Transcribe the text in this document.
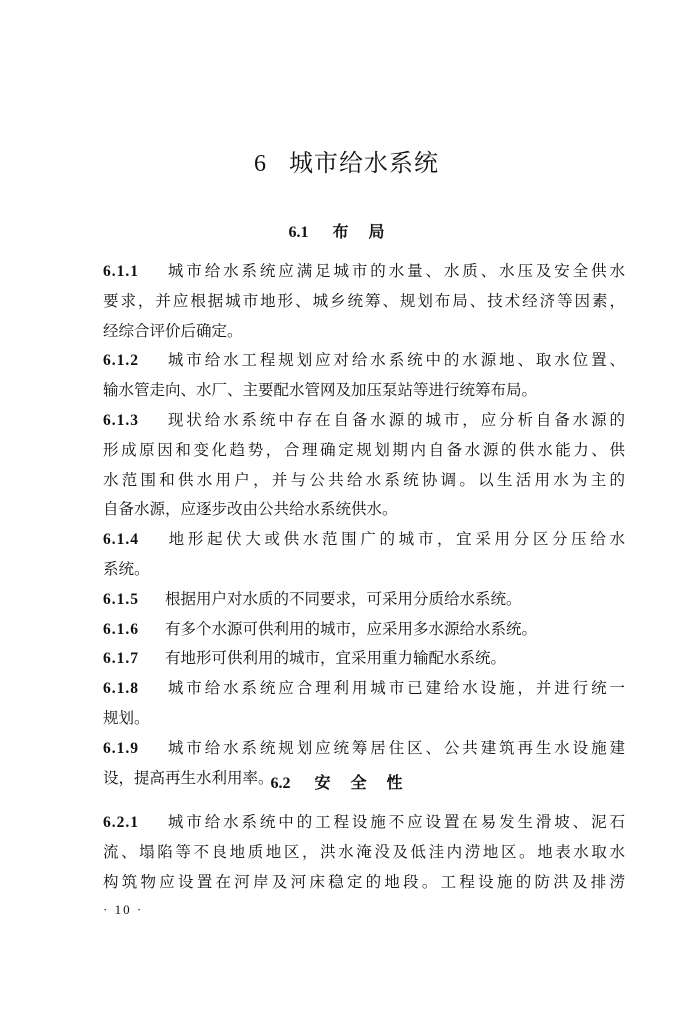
6 城市给水系统
6.1 布局
6.1.1 城市给水系统应满足城市的水量、水质、水压及安全供水
要求，并应根据城市地形、城乡统筹、规划布局、技术经济等因素，
经综合评价后确定。
6.1.2 城市给水工程规划应对给水系统中的水源地、取水位置、
输水管走向、水厂、主要配水管网及加压泵站等进行统筹布局。
6.1.3 现状给水系统中存在自备水源的城市，应分析自备水源的
形成原因和变化趋势，合理确定规划期内自备水源的供水能力、供
水范围和供水用户，并与公共给水系统协调。以生活用水为主的
自备水源，应逐步改由公共给水系统供水。
6.1.4 地形起伏大或供水范围广的城市，宜采用分区分压给水
系统。
6.1.5 根据用户对水质的不同要求，可采用分质给水系统。
6.1.6 有多个水源可供利用的城市，应采用多水源给水系统。
6.1.7 有地形可供利用的城市，宜采用重力输配水系统。
6.1.8 城市给水系统应合理利用城市已建给水设施，并进行统一
规划。
6.1.9 城市给水系统规划应统筹居住区、公共建筑再生水设施建
设，提高再生水利用率。
6.2 安全性
6.2.1 城市给水系统中的工程设施不应设置在易发生滑坡、泥石
流、塌陷等不良地质地区，洪水淹没及低洼内涝地区。地表水取水
构筑物应设置在河岸及河床稳定的地段。工程设施的防洪及排涝
· 10 ·
